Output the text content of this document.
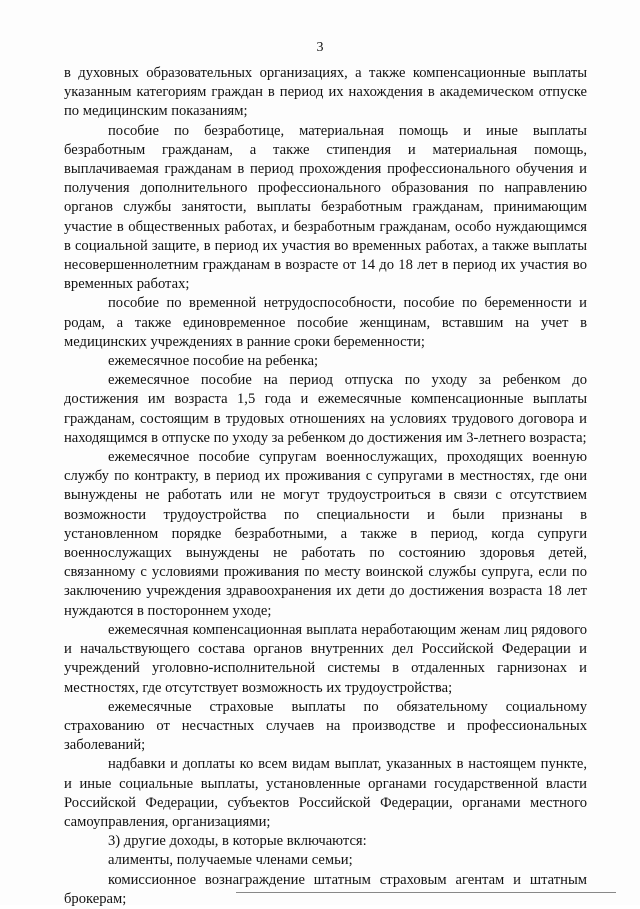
3

в духовных образовательных организациях, а также компенсационные выплаты указанным категориям граждан в период их нахождения в академическом отпуске по медицинским показаниям;

пособие по безработице, материальная помощь и иные выплаты безработным гражданам, а также стипендия и материальная помощь, выплачиваемая гражданам в период прохождения профессионального обучения и получения дополнительного профессионального образования по направлению органов службы занятости, выплаты безработным гражданам, принимающим участие в общественных работах, и безработным гражданам, особо нуждающимся в социальной защите, в период их участия во временных работах, а также выплаты несовершеннолетним гражданам в возрасте от 14 до 18 лет в период их участия во временных работах;

пособие по временной нетрудоспособности, пособие по беременности и родам, а также единовременное пособие женщинам, вставшим на учет в медицинских учреждениях в ранние сроки беременности;

ежемесячное пособие на ребенка;

ежемесячное пособие на период отпуска по уходу за ребенком до достижения им возраста 1,5 года и ежемесячные компенсационные выплаты гражданам, состоящим в трудовых отношениях на условиях трудового договора и находящимся в отпуске по уходу за ребенком до достижения им 3-летнего возраста;

ежемесячное пособие супругам военнослужащих, проходящих военную службу по контракту, в период их проживания с супругами в местностях, где они вынуждены не работать или не могут трудоустроиться в связи с отсутствием возможности трудоустройства по специальности и были признаны в установленном порядке безработными, а также в период, когда супруги военнослужащих вынуждены не работать по состоянию здоровья детей, связанному с условиями проживания по месту воинской службы супруга, если по заключению учреждения здравоохранения их дети до достижения возраста 18 лет нуждаются в постороннем уходе;

ежемесячная компенсационная выплата неработающим женам лиц рядового и начальствующего состава органов внутренних дел Российской Федерации и учреждений уголовно-исполнительной системы в отдаленных гарнизонах и местностях, где отсутствует возможность их трудоустройства;

ежемесячные страховые выплаты по обязательному социальному страхованию от несчастных случаев на производстве и профессиональных заболеваний;

надбавки и доплаты ко всем видам выплат, указанных в настоящем пункте, и иные социальные выплаты, установленные органами государственной власти Российской Федерации, субъектов Российской Федерации, органами местного самоуправления, организациями;

3) другие доходы, в которые включаются:

алименты, получаемые членами семьи;

комиссионное вознаграждение штатным страховым агентам и штатным брокерам;
